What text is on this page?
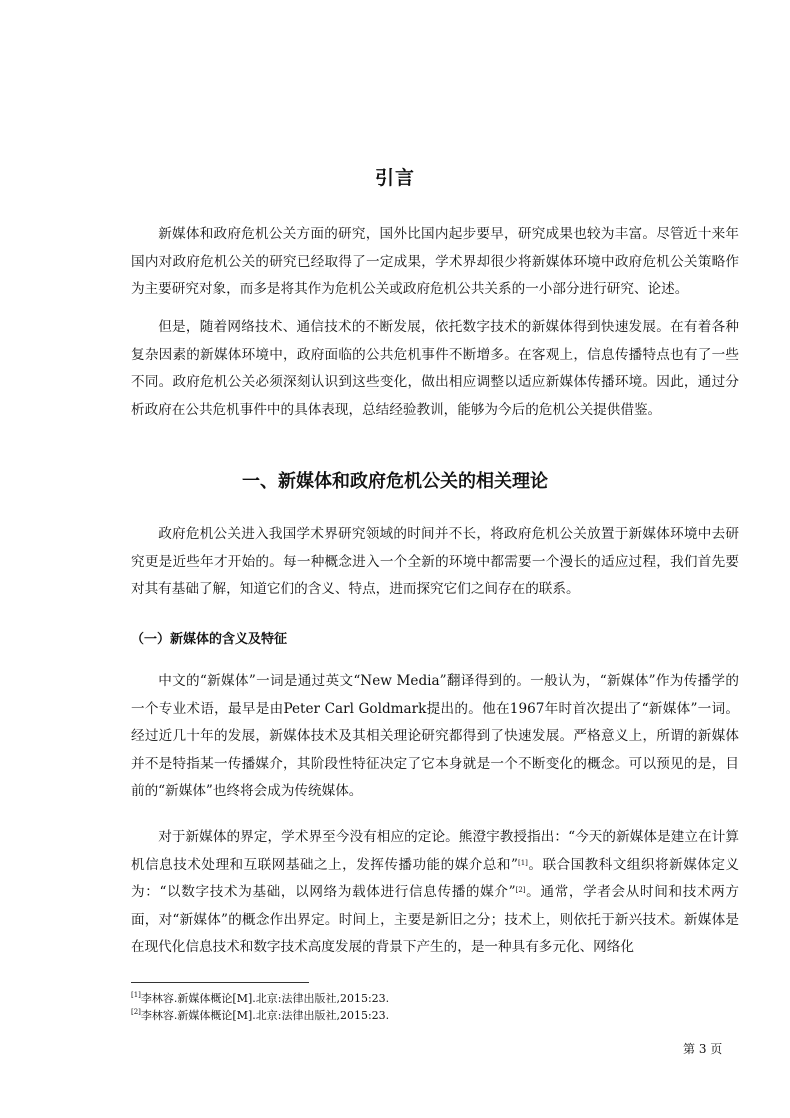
引言

新媒体和政府危机公关方面的研究，国外比国内起步要早，研究成果也较为丰富。尽管近十来年国内对政府危机公关的研究已经取得了一定成果，学术界却很少将新媒体环境中政府危机公关策略作为主要研究对象，而多是将其作为危机公关或政府危机公共关系的一小部分进行研究、论述。

但是，随着网络技术、通信技术的不断发展，依托数字技术的新媒体得到快速发展。在有着各种复杂因素的新媒体环境中，政府面临的公共危机事件不断增多。在客观上，信息传播特点也有了一些不同。政府危机公关必须深刻认识到这些变化，做出相应调整以适应新媒体传播环境。因此，通过分析政府在公共危机事件中的具体表现，总结经验教训，能够为今后的危机公关提供借鉴。

一、新媒体和政府危机公关的相关理论

政府危机公关进入我国学术界研究领域的时间并不长，将政府危机公关放置于新媒体环境中去研究更是近些年才开始的。每一种概念进入一个全新的环境中都需要一个漫长的适应过程，我们首先要对其有基础了解，知道它们的含义、特点，进而探究它们之间存在的联系。

（一）新媒体的含义及特征

中文的“新媒体”一词是通过英文“New Media”翻译得到的。一般认为，“新媒体”作为传播学的一个专业术语，最早是由Peter Carl Goldmark提出的。他在1967年时首次提出了“新媒体”一词。经过近几十年的发展，新媒体技术及其相关理论研究都得到了快速发展。严格意义上，所谓的新媒体并不是特指某一传播媒介，其阶段性特征决定了它本身就是一个不断变化的概念。可以预见的是，目前的“新媒体”也终将会成为传统媒体。

对于新媒体的界定，学术界至今没有相应的定论。熊澄宇教授指出：“今天的新媒体是建立在计算机信息技术处理和互联网基础之上，发挥传播功能的媒介总和”[1]。联合国教科文组织将新媒体定义为：“以数字技术为基础，以网络为载体进行信息传播的媒介”[2]。通常，学者会从时间和技术两方面，对“新媒体”的概念作出界定。时间上，主要是新旧之分；技术上，则依托于新兴技术。新媒体是在现代化信息技术和数字技术高度发展的背景下产生的，是一种具有多元化、网络化

[1]李林容.新媒体概论[M].北京:法律出版社,2015:23.
[2]李林容.新媒体概论[M].北京:法律出版社,2015:23.
第 3 页
